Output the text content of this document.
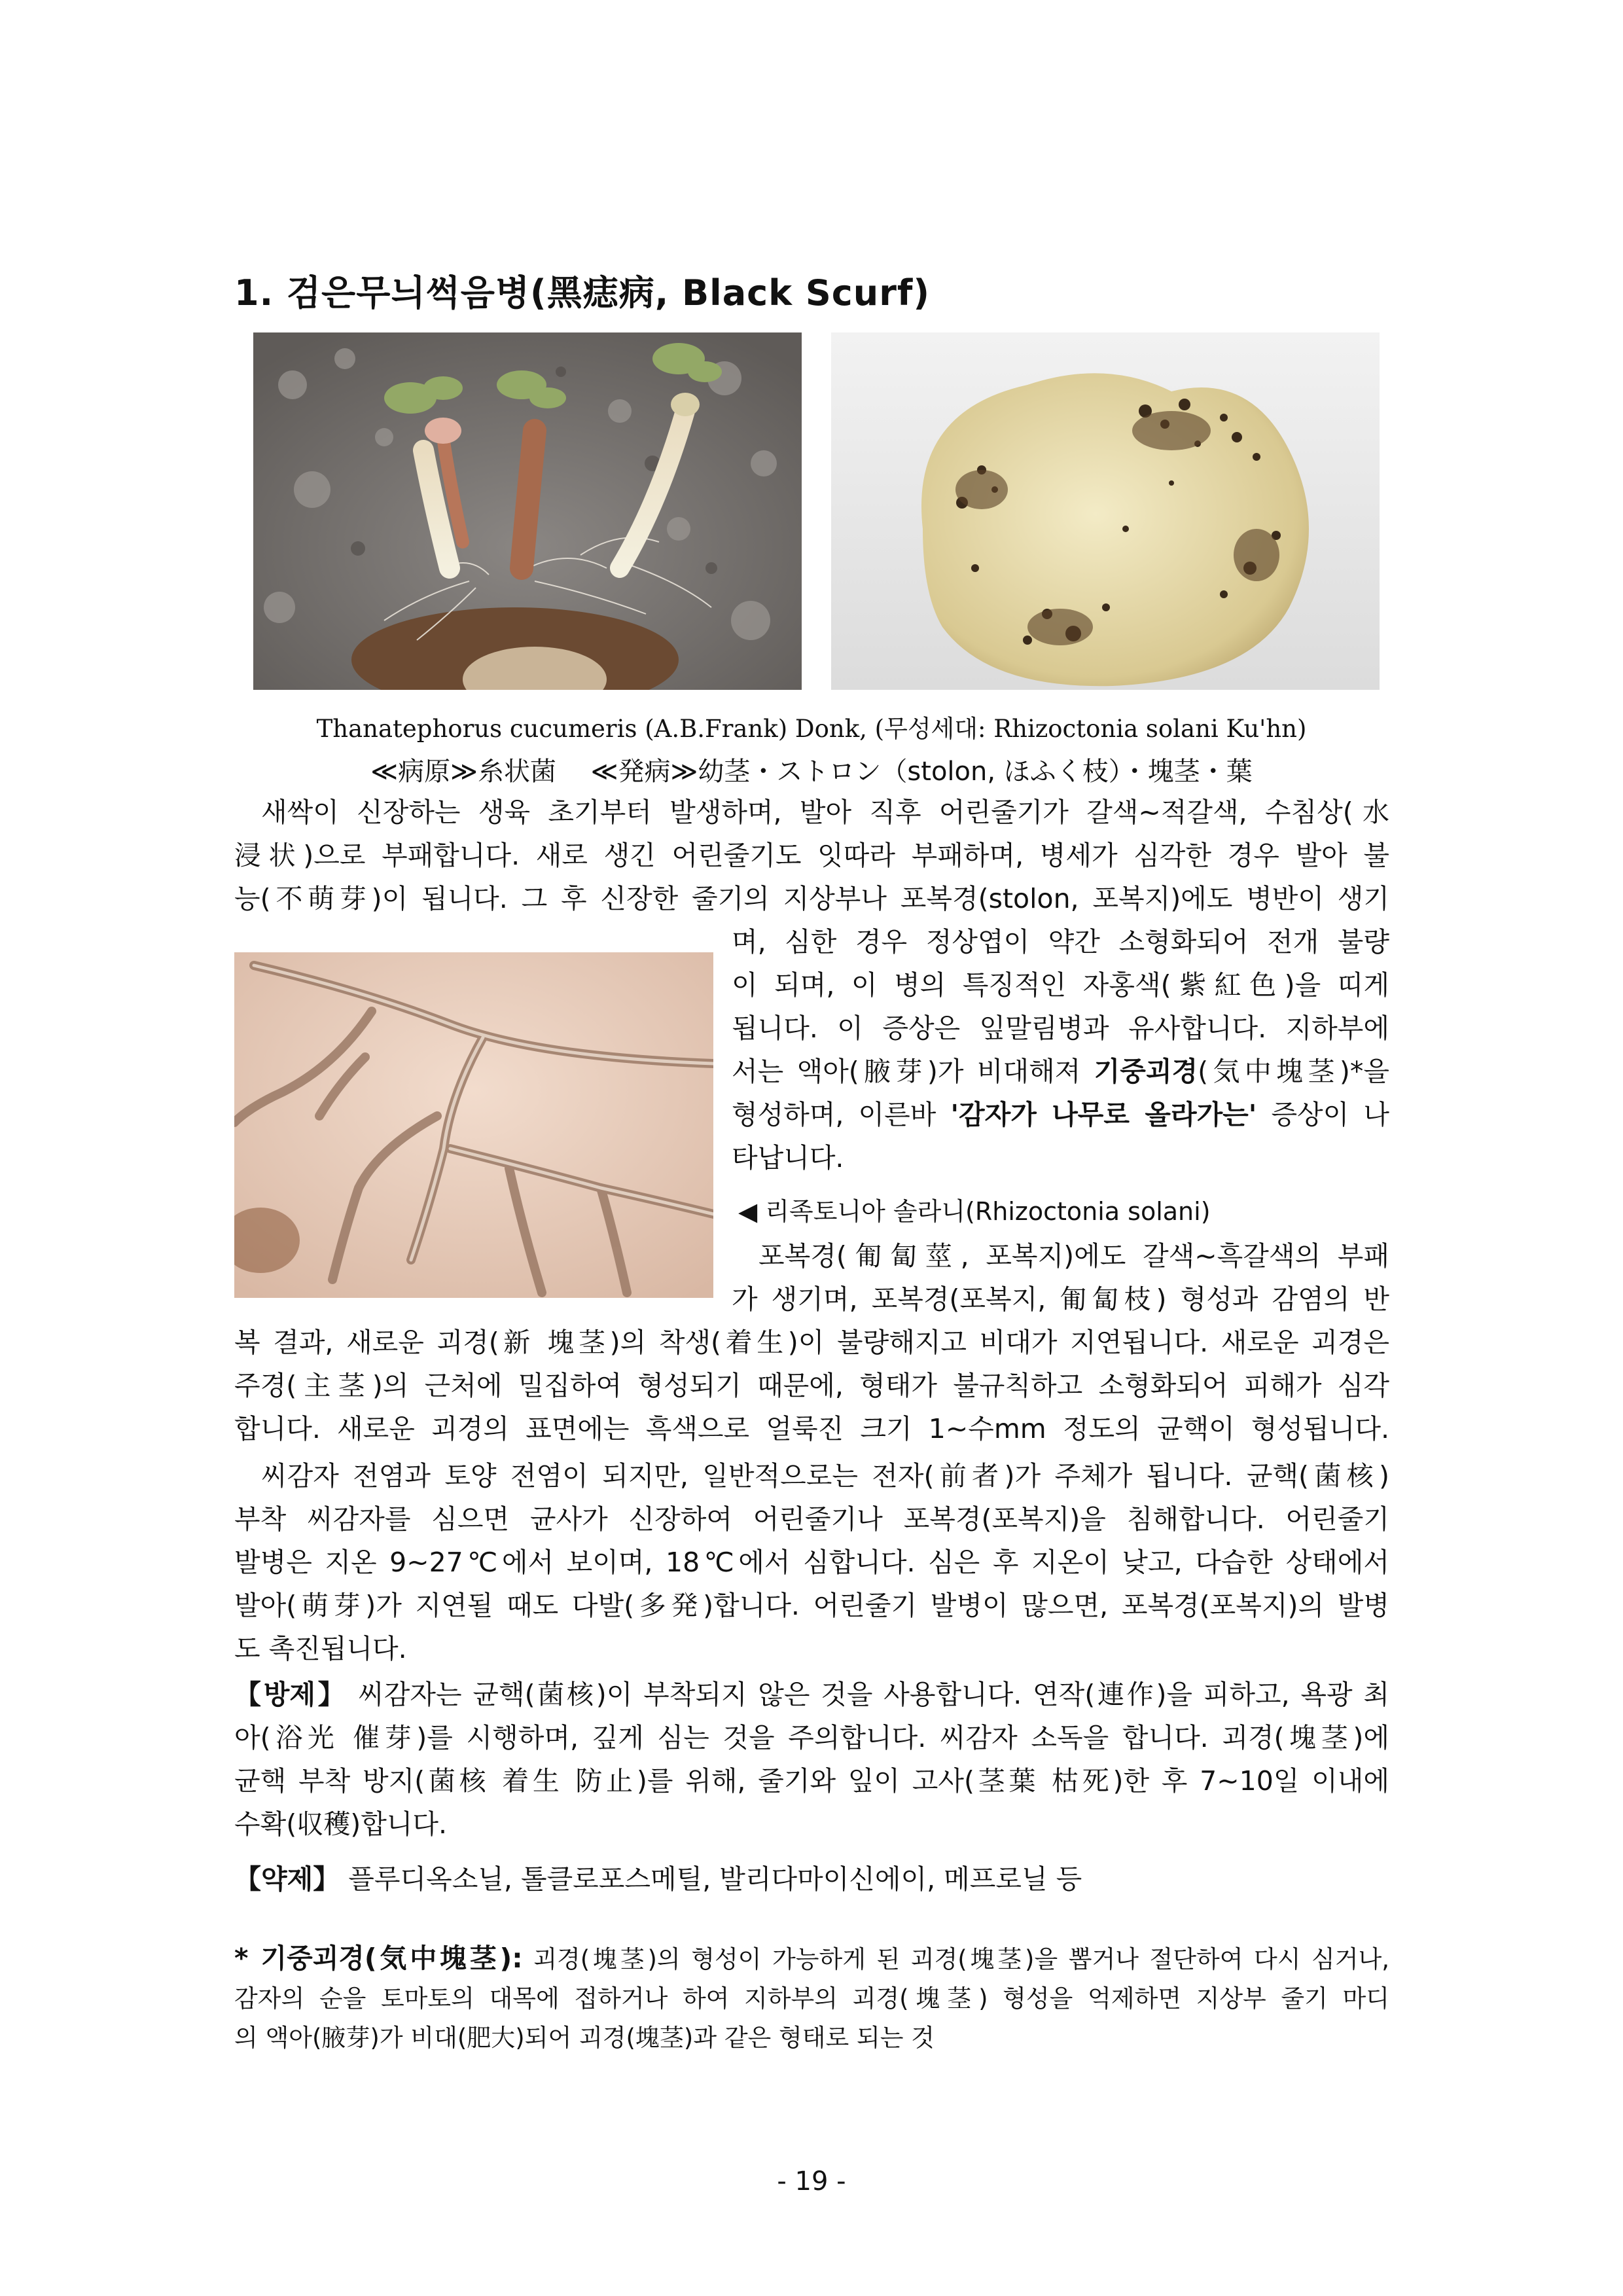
1. 검은무늬썩음병(黑痣病, Black Scurf)
Thanatephorus cucumeris (A.B.Frank) Donk, (무성세대: Rhizoctonia solani Ku'hn)
≪病原≫糸状菌　 ≪発病≫幼茎・ストロン（stolon, ほふく枝）・塊茎・葉
새싹이 신장하는 생육 초기부터 발생하며, 발아 직후 어린줄기가 갈색~적갈색, 수침상(水
浸状)으로 부패합니다. 새로 생긴 어린줄기도 잇따라 부패하며, 병세가 심각한 경우 발아 불
능(不萌芽)이 됩니다. 그 후 신장한 줄기의 지상부나 포복경(stolon, 포복지)에도 병반이 생기
며, 심한 경우 정상엽이 약간 소형화되어 전개 불량
이 되며, 이 병의 특징적인 자홍색(紫紅色)을 띠게
됩니다. 이 증상은 잎말림병과 유사합니다. 지하부에
서는 액아(腋芽)가 비대해져 기중괴경(気中塊茎)*을
형성하며, 이른바 '감자가 나무로 올라가는' 증상이 나
타납니다.
◀ 리족토니아 솔라니(Rhizoctonia solani)
포복경(匍匐莖, 포복지)에도 갈색~흑갈색의 부패
가 생기며, 포복경(포복지, 匍匐枝) 형성과 감염의 반
복 결과, 새로운 괴경(新 塊茎)의 착생(着生)이 불량해지고 비대가 지연됩니다. 새로운 괴경은
주경(主茎)의 근처에 밀집하여 형성되기 때문에, 형태가 불규칙하고 소형화되어 피해가 심각
합니다. 새로운 괴경의 표면에는 흑색으로 얼룩진 크기 1~수mm 정도의 균핵이 형성됩니다.
씨감자 전염과 토양 전염이 되지만, 일반적으로는 전자(前者)가 주체가 됩니다. 균핵(菌核)
부착 씨감자를 심으면 균사가 신장하여 어린줄기나 포복경(포복지)을 침해합니다. 어린줄기
발병은 지온 9~27℃에서 보이며, 18℃에서 심합니다. 심은 후 지온이 낮고, 다습한 상태에서
발아(萌芽)가 지연될 때도 다발(多発)합니다. 어린줄기 발병이 많으면, 포복경(포복지)의 발병
도 촉진됩니다.
【방제】 씨감자는 균핵(菌核)이 부착되지 않은 것을 사용합니다. 연작(連作)을 피하고, 욕광 최
아(浴光 催芽)를 시행하며, 깊게 심는 것을 주의합니다. 씨감자 소독을 합니다. 괴경(塊茎)에
균핵 부착 방지(菌核 着生 防止)를 위해, 줄기와 잎이 고사(茎葉 枯死)한 후 7~10일 이내에
수확(収穫)합니다.
【약제】 플루디옥소닐, 톨클로포스메틸, 발리다마이신에이, 메프로닐 등
* 기중괴경(気中塊茎): 괴경(塊茎)의 형성이 가능하게 된 괴경(塊茎)을 뽑거나 절단하여 다시 심거나,
감자의 순을 토마토의 대목에 접하거나 하여 지하부의 괴경(塊茎) 형성을 억제하면 지상부 줄기 마디
의 액아(腋芽)가 비대(肥大)되어 괴경(塊茎)과 같은 형태로 되는 것
- 19 -
